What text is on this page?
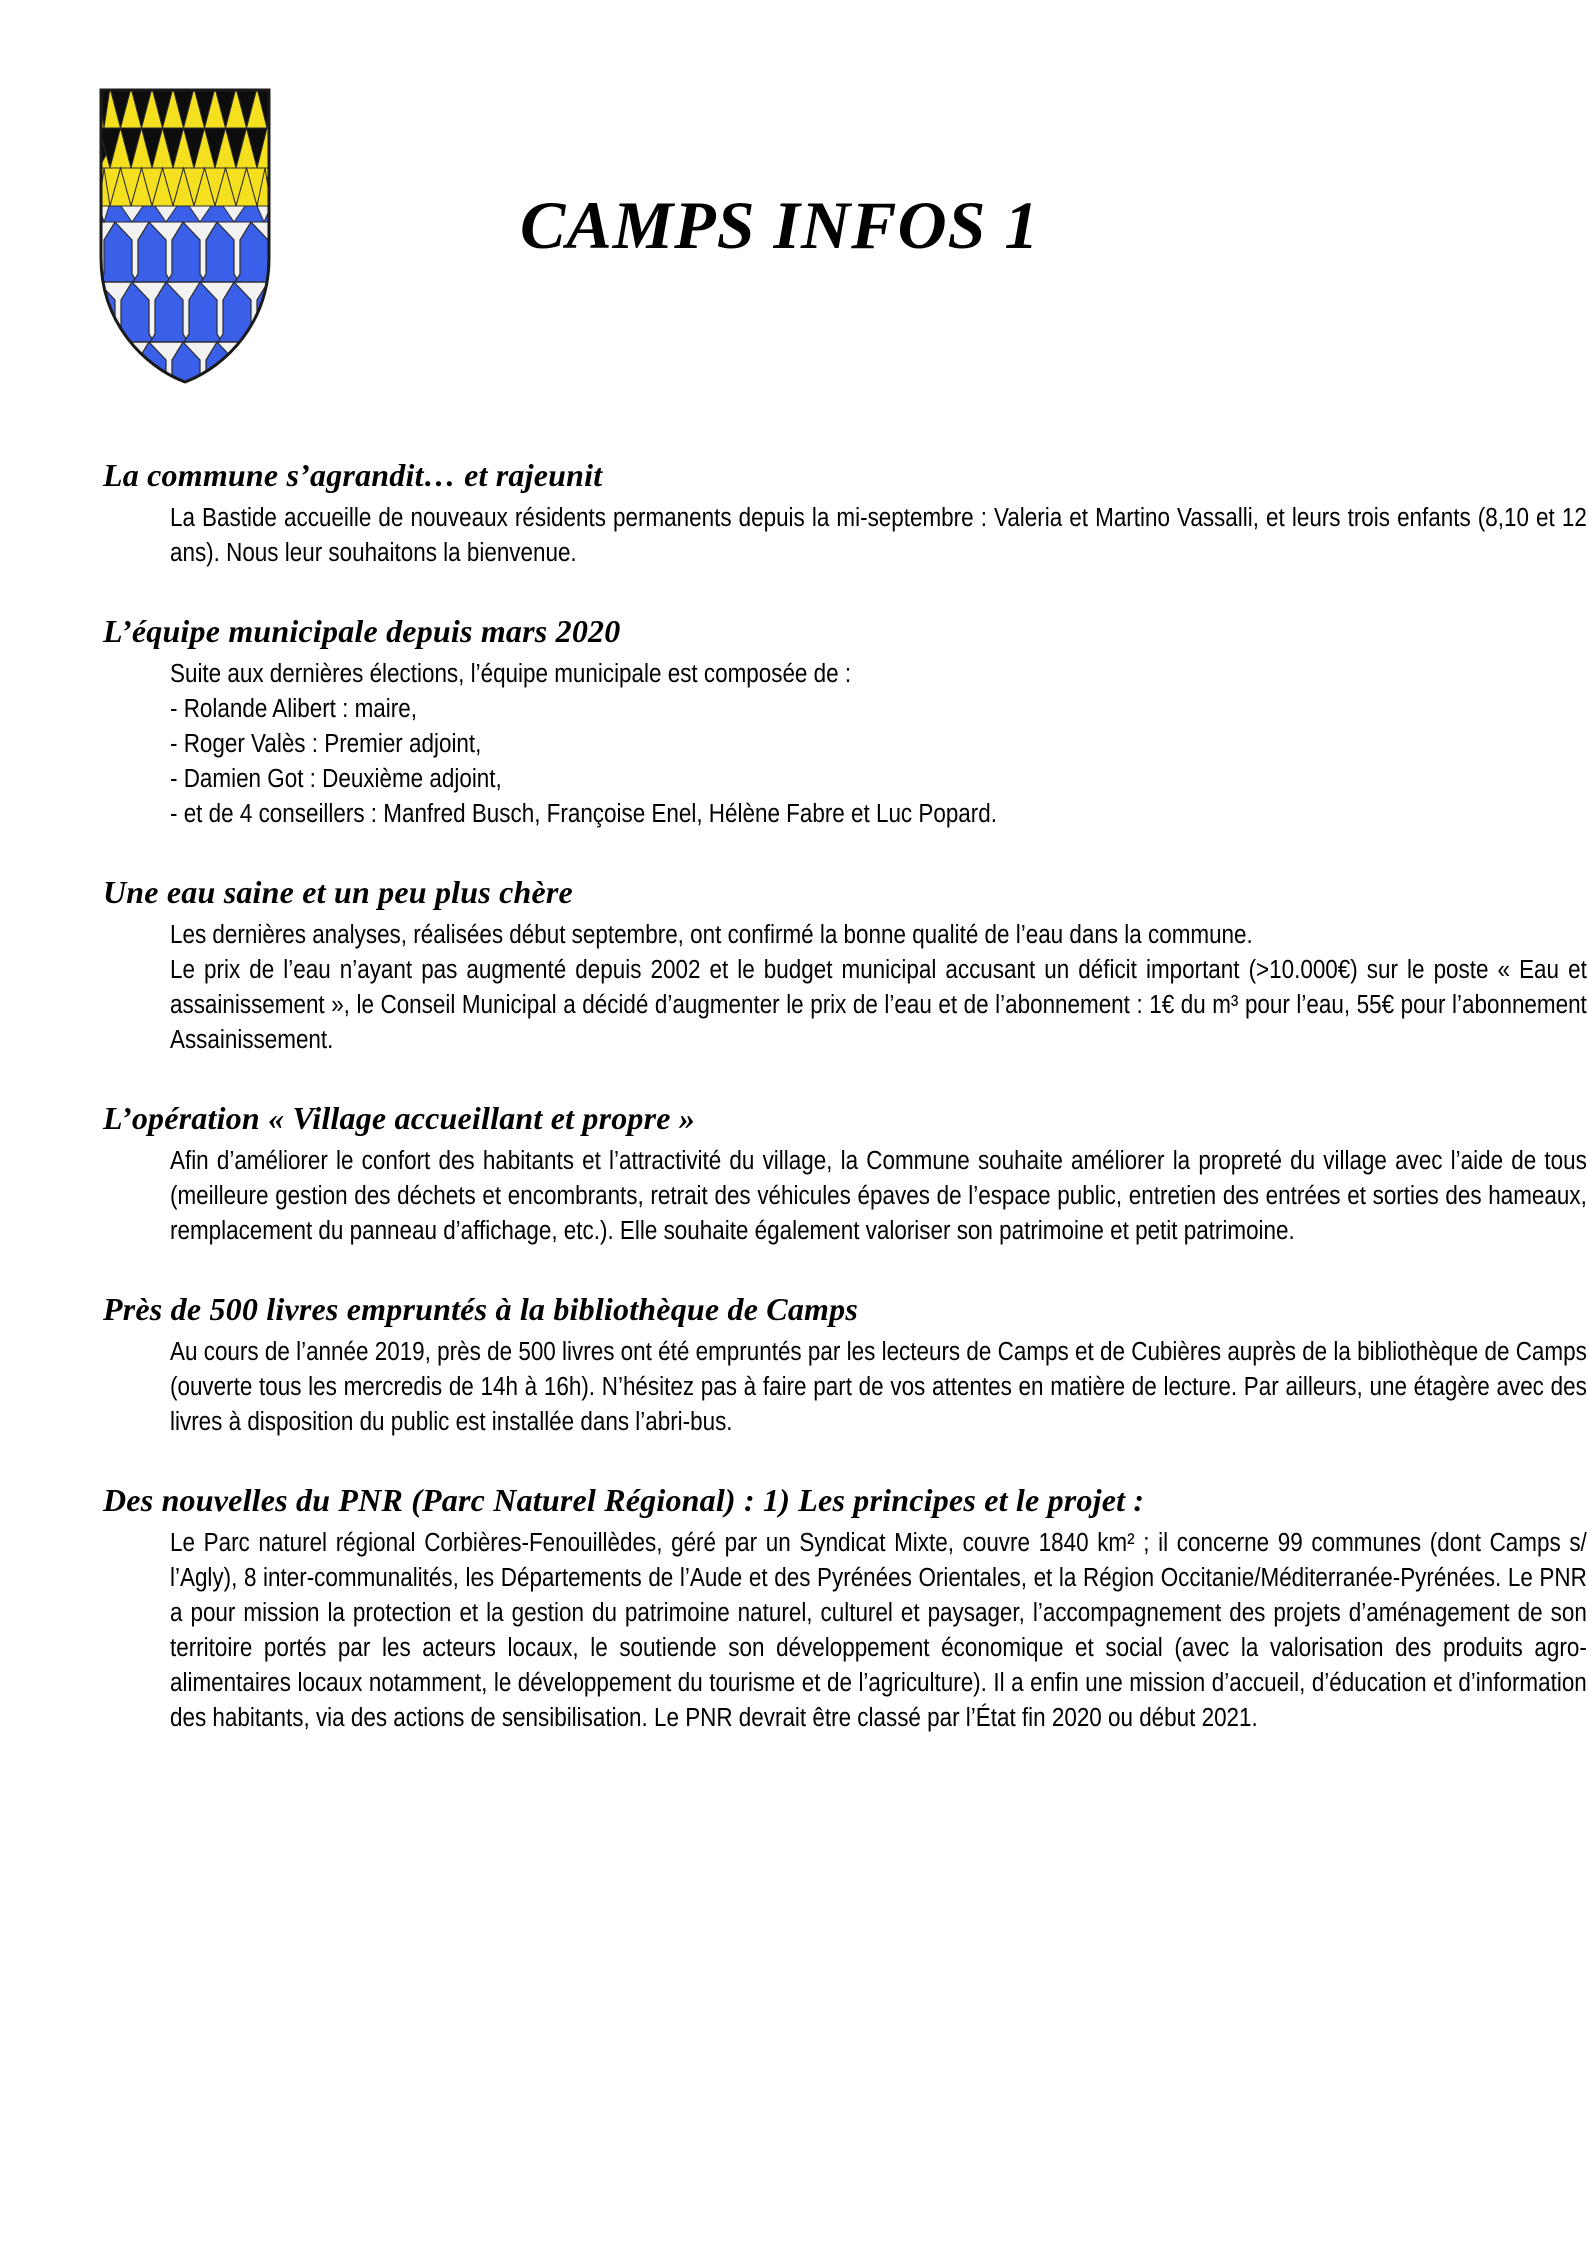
CAMPS INFOS 1
La commune s’agrandit… et rajeunit

La Bastide accueille de nouveaux résidents permanents depuis la mi-septembre : Valeria et Martino Vassalli, et leurs trois enfants (8,10 et 12 ans). Nous leur souhaitons la bienvenue.

L’équipe municipale depuis mars 2020

Suite aux dernières élections, l’équipe municipale est composée de :

- Rolande Alibert : maire,

- Roger Valès : Premier adjoint,

- Damien Got : Deuxième adjoint,

- et de 4 conseillers : Manfred Busch, Françoise Enel, Hélène Fabre et Luc Popard.

Une eau saine et un peu plus chère

Les dernières analyses, réalisées début septembre, ont confirmé la bonne qualité de l’eau dans la commune.

Le prix de l’eau n’ayant pas augmenté depuis 2002 et le budget municipal accusant un déficit important (>10.000€) sur le poste « Eau et assainissement », le Conseil Municipal a décidé d’augmenter le prix de l’eau et de l’abonnement : 1€ du m³ pour l’eau, 55€ pour l’abonnement Assainissement.

L’opération « Village accueillant et propre »

Afin d’améliorer le confort des habitants et l’attractivité du village, la Commune souhaite améliorer la propreté du village avec l’aide de tous (meilleure gestion des déchets et encombrants, retrait des véhicules épaves de l’espace public, entretien des entrées et sorties des hameaux, remplacement du panneau d’affichage, etc.). Elle souhaite également valoriser son patrimoine et petit patrimoine.

Près de 500 livres empruntés à la bibliothèque de Camps

Au cours de l’année 2019, près de 500 livres ont été empruntés par les lecteurs de Camps et de Cubières auprès de la bibliothèque de Camps (ouverte tous les mercredis de 14h à 16h). N’hésitez pas à faire part de vos attentes en matière de lecture. Par ailleurs, une étagère avec des livres à disposition du public est installée dans l’abri-bus.

Des nouvelles du PNR (Parc Naturel Régional) : 1) Les principes et le projet :

Le Parc naturel régional Corbières-Fenouillèdes, géré par un Syndicat Mixte, couvre 1840 km² ; il concerne 99 communes (dont Camps s/ l’Agly), 8 inter-communalités, les Départements de l’Aude et des Pyrénées Orientales, et la Région Occitanie/Méditerranée-Pyrénées. Le PNR a pour mission la protection et la gestion du patrimoine naturel, culturel et paysager, l’accompagnement des projets d’aménagement de son territoire portés par les acteurs locaux, le soutiende son développement économique et social (avec la valorisation des produits agro-alimentaires locaux notamment, le développement du tourisme et de l’agriculture). Il a enfin une mission d’accueil, d’éducation et d’information des habitants, via des actions de sensibilisation. Le PNR devrait être classé par l’État fin 2020 ou début 2021.
